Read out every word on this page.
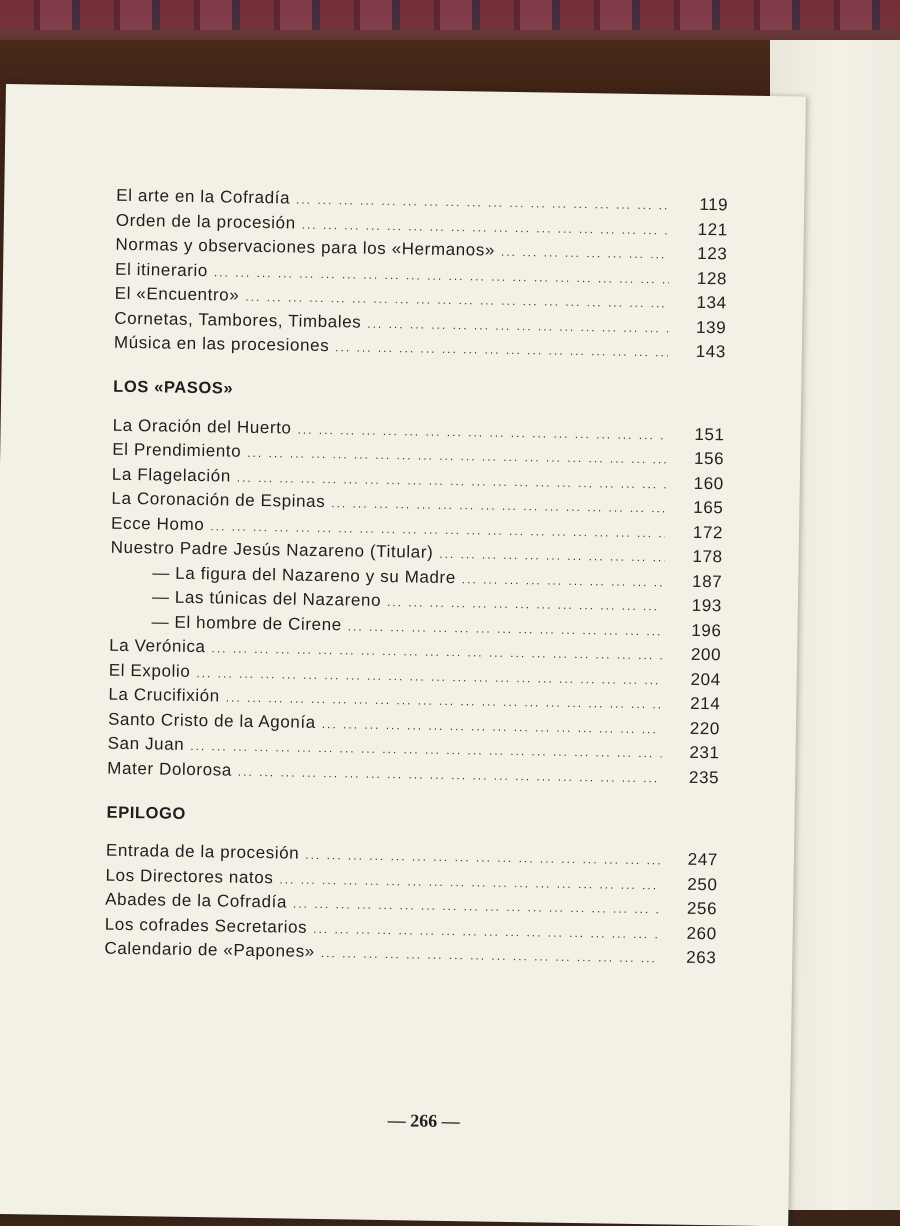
El arte en la Cofradía ... .	119
Orden de la procesión ... .	121
Normas y observaciones para los «Hermanos» ... .	123
El itinerario ... .	128
El «Encuentro» ... .	134
Cornetas, Tambores, Timbales ... .	139
Música en las procesiones ... .	143
LOS «PASOS»
La Oración del Huerto ... .	151
El Prendimiento ... .	156
La Flagelación ... .	160
La Coronación de Espinas ... .	165
Ecce Homo ... .	172
Nuestro Padre Jesús Nazareno (Titular) ... .	178
— La figura del Nazareno y su Madre ... .	187
— Las túnicas del Nazareno ... .	193
— El hombre de Cirene ... .	196
La Verónica ... .	200
El Expolio ... .	204
La Crucifixión ... .	214
Santo Cristo de la Agonía ... .	220
San Juan ... .	231
Mater Dolorosa ... .	235
EPILOGO
Entrada de la procesión ... .	247
Los Directores natos ... .	250
Abades de la Cofradía ... .	256
Los cofrades Secretarios ... .	260
Calendario de «Papones» ... .	263
— 266 —
